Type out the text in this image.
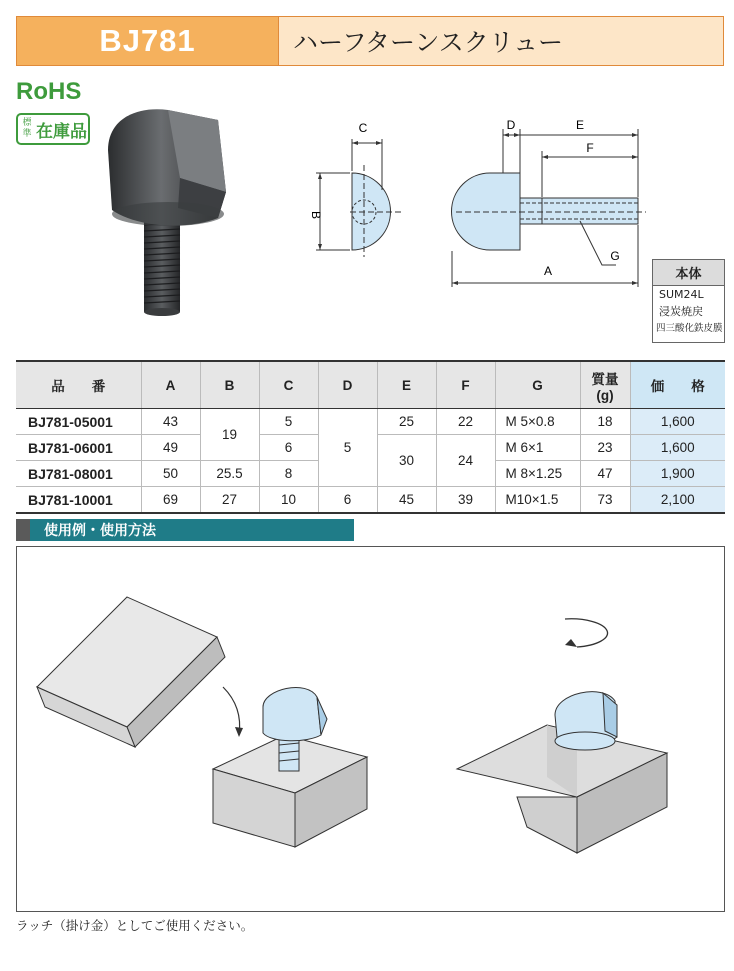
BJ781	ハーフターンスクリュー
RoHS
標
準 在庫品	C
B
D	E
F
G
A	本体
SUM24L
浸炭焼戻
四三酸化鉄皮膜
品　　番	A	B	C	D	E	F	G	質量
(g)	価　　格
BJ781-05001	43	19	5	5	25	22	M 5×0.8	18	1,600
BJ781-06001	49		6		30	24	M 6×1	23	1,600
BJ781-08001	50	25.5	8				M 8×1.25	47	1,900
BJ781-10001	69	27	10	6	45	39	M10×1.5	73	2,100
使用例・使用方法
ラッチ（掛け金）としてご使用ください。
